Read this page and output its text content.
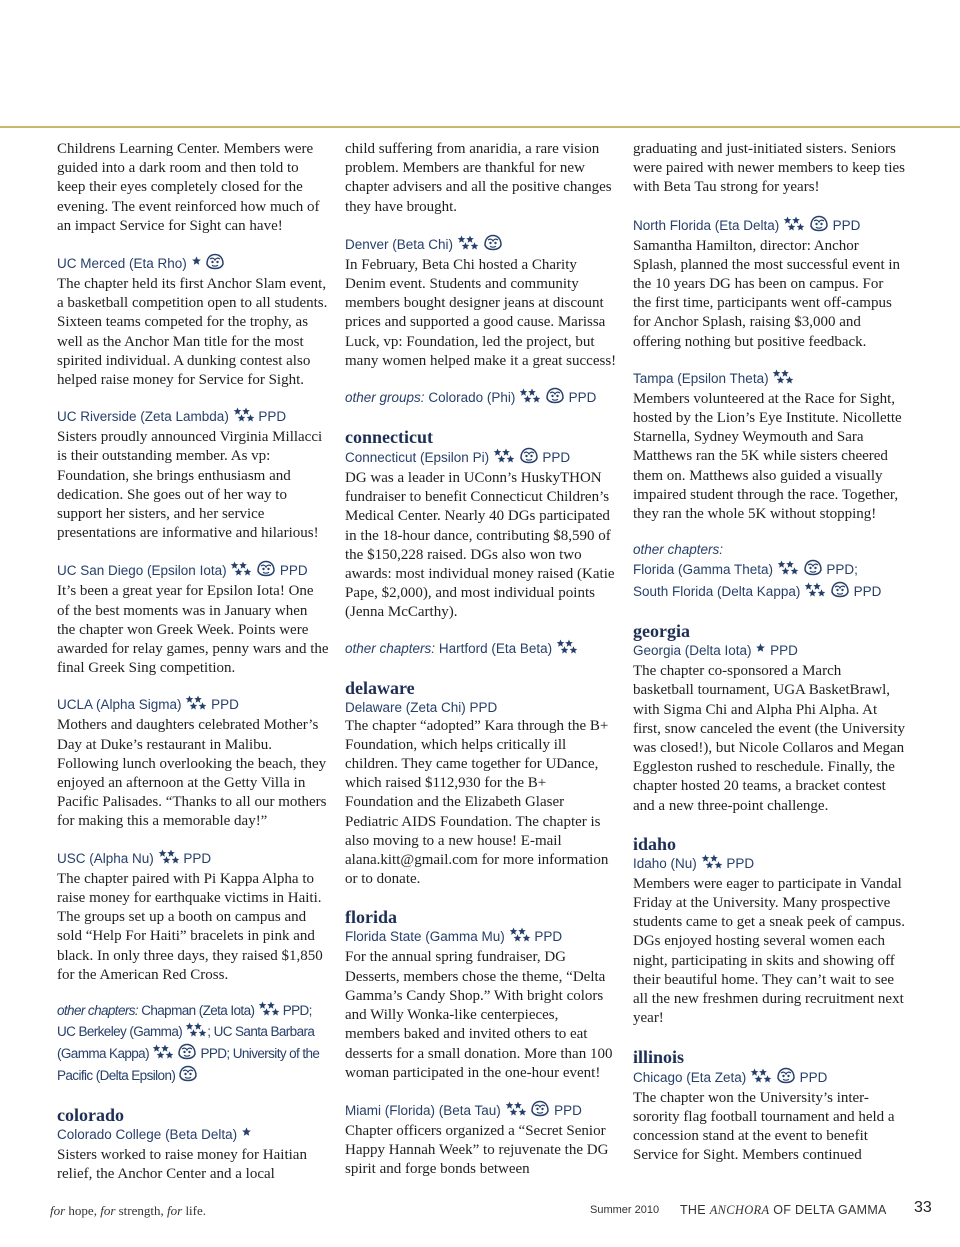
Childrens Learning Center. Members were guided into a dark room and then told to keep their eyes completely closed for the evening. The event reinforced how much of an impact Service for Sight can have!

UC Merced (Eta Rho)

The chapter held its first Anchor Slam event, a basketball competition open to all students. Sixteen teams competed for the trophy, as well as the Anchor Man title for the most spirited individual. A dunking contest also helped raise money for Service for Sight.

UC Riverside (Zeta Lambda) PPD

Sisters proudly announced Virginia Millacci is their outstanding member. As vp: Foundation, she brings enthusiasm and dedication. She goes out of her way to support her sisters, and her service presentations are informative and hilarious!

UC San Diego (Epsilon Iota)	PPD

It’s been a great year for Epsilon Iota! One of the best moments was in January when the chapter won Greek Week. Points were awarded for relay games, penny wars and the final Greek Sing competition.

UCLA (Alpha Sigma) PPD

Mothers and daughters celebrated Mother’s Day at Duke’s restaurant in Malibu. Following lunch overlooking the beach, they enjoyed an afternoon at the Getty Villa in Pacific Palisades. “Thanks to all our mothers for making this a memorable day!”

USC (Alpha Nu) PPD

The chapter paired with Pi Kappa Alpha to raise money for earthquake victims in Haiti. The groups set up a booth on campus and sold “Help For Haiti” bracelets in pink and black. In only three days, they raised $1,850 for the American Red Cross.

other chapters: Chapman (Zeta Iota) PPD; UC Berkeley (Gamma) ; UC Santa Barbara (Gamma Kappa)	PPD; University of the Pacific (Delta Epsilon)

colorado

Colorado College (Beta Delta)

Sisters worked to raise money for Haitian relief, the Anchor Center and a local

child suffering from anaridia, a rare vision problem. Members are thankful for new chapter advisers and all the positive changes they have brought.

Denver (Beta Chi)

In February, Beta Chi hosted a Charity Denim event. Students and community members bought designer jeans at discount prices and supported a good cause. Marissa Luck, vp: Foundation, led the project, but many women helped make it a great success!

other groups: Colorado (Phi)	PPD

connecticut

Connecticut (Epsilon Pi)	PPD

DG was a leader in UConn’s HuskyTHON fundraiser to benefit Connecticut Children’s Medical Center. Nearly 40 DGs participated in the 18-hour dance, contributing $8,590 of the $150,228 raised. DGs also won two awards: most individual money raised (Katie Pape, $2,000), and most individual points (Jenna McCarthy).

other chapters: Hartford (Eta Beta)

delaware

Delaware (Zeta Chi) PPD

The chapter “adopted” Kara through the B+ Foundation, which helps critically ill children. They came together for UDance, which raised $112,930 for the B+ Foundation and the Elizabeth Glaser Pediatric AIDS Foundation. The chapter is also moving to a new house! E-mail alana.kitt@gmail.com for more information or to donate.

florida

Florida State (Gamma Mu) PPD

For the annual spring fundraiser, DG Desserts, members chose the theme, “Delta Gamma’s Candy Shop.” With bright colors and Willy Wonka-like centerpieces, members baked and invited others to eat desserts for a small donation. More than 100 woman participated in the one-hour event!

Miami (Florida) (Beta Tau)	PPD

Chapter officers organized a “Secret Senior Happy Hannah Week” to rejuvenate the DG spirit and forge bonds between

graduating and just-initiated sisters. Seniors were paired with newer members to keep ties with Beta Tau strong for years!

North Florida (Eta Delta)	PPD

Samantha Hamilton, director: Anchor Splash, planned the most successful event in the 10 years DG has been on campus. For the first time, participants went off-campus for Anchor Splash, raising $3,000 and offering nothing but positive feedback.

Tampa (Epsilon Theta)

Members volunteered at the Race for Sight, hosted by the Lion’s Eye Institute. Nicollette Starnella, Sydney Weymouth and Sara Matthews ran the 5K while sisters cheered them on. Matthews also guided a visually impaired student through the race. Together, they ran the whole 5K without stopping!

other chapters:
Florida (Gamma Theta)	PPD;
South Florida (Delta Kappa)	PPD

georgia

Georgia (Delta Iota) PPD

The chapter co-sponsored a March basketball tournament, UGA BasketBrawl, with Sigma Chi and Alpha Phi Alpha. At first, snow canceled the event (the University was closed!), but Nicole Collaros and Megan Eggleston rushed to reschedule. Finally, the chapter hosted 20 teams, a bracket contest and a new three-point challenge.

idaho

Idaho (Nu) PPD

Members were eager to participate in Vandal Friday at the University. Many prospective students came to get a sneak peek of campus. DGs enjoyed hosting several women each night, participating in skits and showing off their beautiful home. They can’t wait to see all the new freshmen during recruitment next year!

illinois

Chicago (Eta Zeta)	PPD

The chapter won the University’s inter-sorority flag football tournament and held a concession stand at the event to benefit Service for Sight. Members continued

for hope, for strength, for life.	Summer 2010 THE ANCHORA OF DELTA GAMMA 33
